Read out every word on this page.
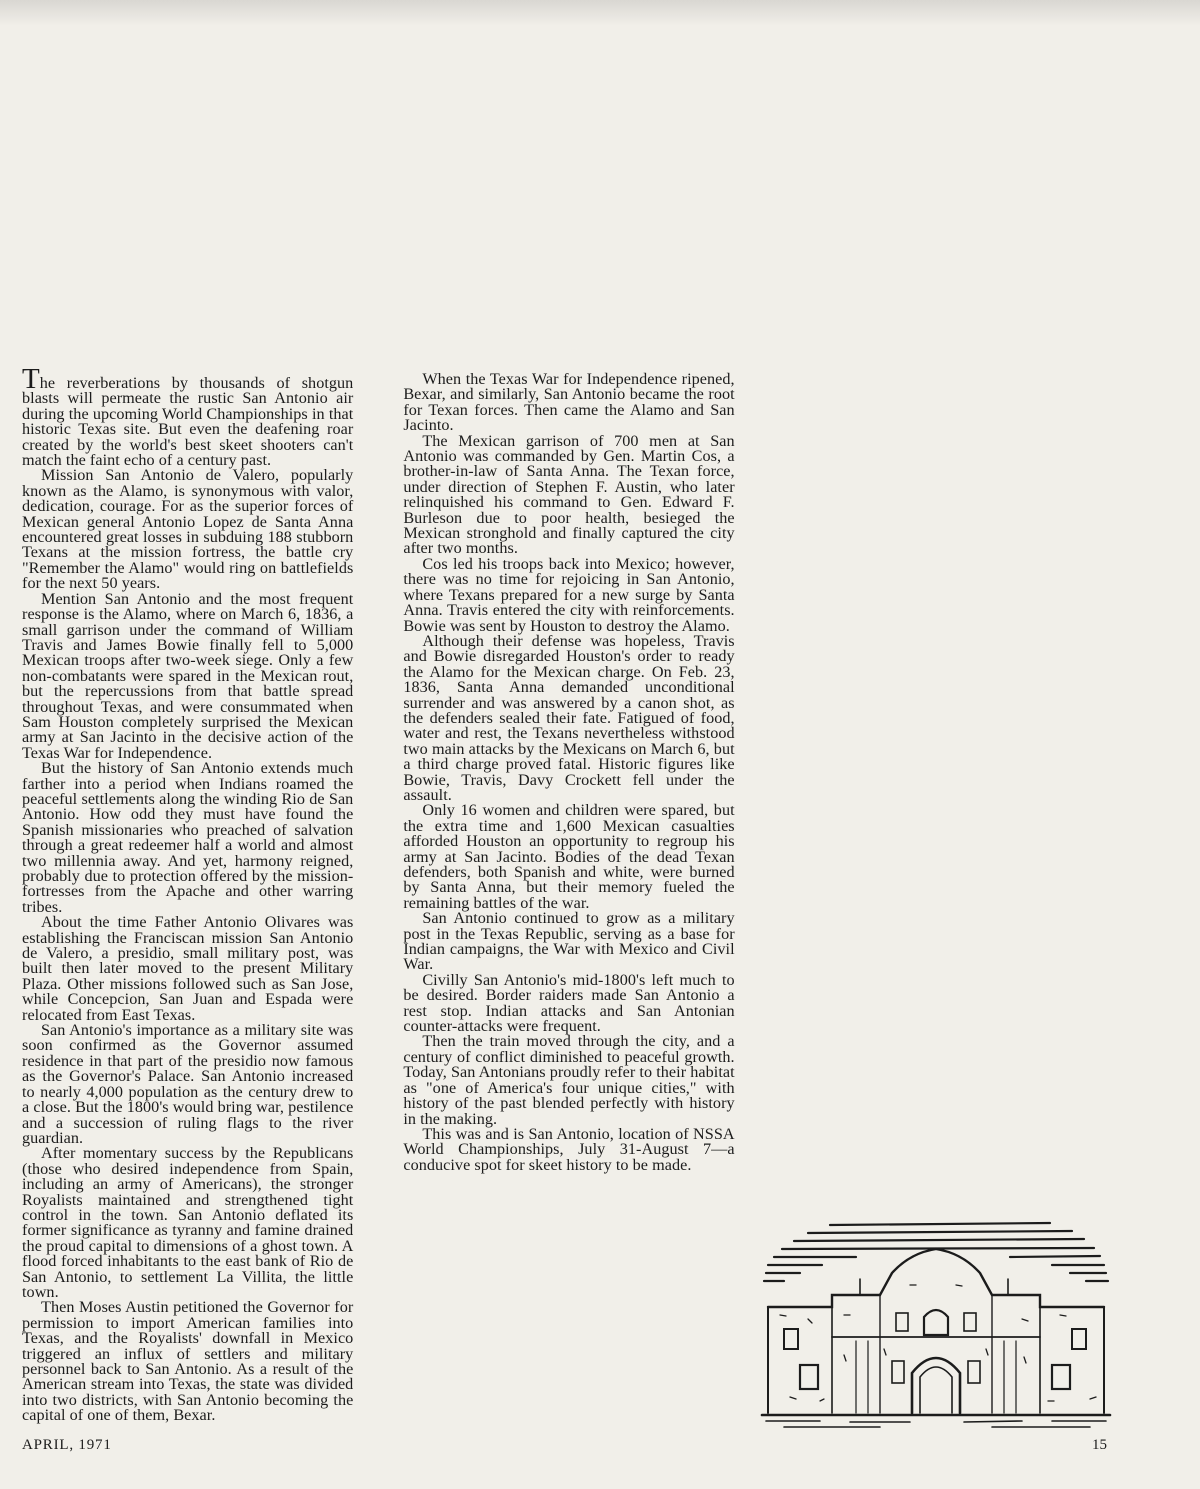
The reverberations by thousands of shotgun blasts will permeate the rustic San Antonio air during the upcoming World Championships in that historic Texas site. But even the deafening roar created by the world's best skeet shooters can't match the faint echo of a century past.

Mission San Antonio de Valero, popularly known as the Alamo, is synonymous with valor, dedication, courage. For as the superior forces of Mexican general Antonio Lopez de Santa Anna encountered great losses in subduing 188 stubborn Texans at the mission fortress, the battle cry "Remember the Alamo" would ring on battlefields for the next 50 years.

Mention San Antonio and the most frequent response is the Alamo, where on March 6, 1836, a small garrison under the command of William Travis and James Bowie finally fell to 5,000 Mexican troops after two-week siege. Only a few non-combatants were spared in the Mexican rout, but the repercussions from that battle spread throughout Texas, and were consummated when Sam Houston completely surprised the Mexican army at San Jacinto in the decisive action of the Texas War for Independence.

But the history of San Antonio extends much farther into a period when Indians roamed the peaceful settlements along the winding Rio de San Antonio. How odd they must have found the Spanish missionaries who preached of salvation through a great redeemer half a world and almost two millennia away. And yet, harmony reigned, probably due to protection offered by the mission-fortresses from the Apache and other warring tribes.

About the time Father Antonio Olivares was establishing the Franciscan mission San Antonio de Valero, a presidio, small military post, was built then later moved to the present Military Plaza. Other missions followed such as San Jose, while Concepcion, San Juan and Espada were relocated from East Texas.

San Antonio's importance as a military site was soon confirmed as the Governor assumed residence in that part of the presidio now famous as the Governor's Palace. San Antonio increased to nearly 4,000 population as the century drew to a close. But the 1800's would bring war, pestilence and a succession of ruling flags to the river guardian.

After momentary success by the Republicans (those who desired independence from Spain, including an army of Americans), the stronger Royalists maintained and strengthened tight control in the town. San Antonio deflated its former significance as tyranny and famine drained the proud capital to dimensions of a ghost town. A flood forced inhabitants to the east bank of Rio de San Antonio, to settlement La Villita, the little town.

Then Moses Austin petitioned the Governor for permission to import American families into Texas, and the Royalists' downfall in Mexico triggered an influx of settlers and military personnel back to San Antonio. As a result of the American stream into Texas, the state was divided into two districts, with San Antonio becoming the capital of one of them, Bexar.

When the Texas War for Independence ripened, Bexar, and similarly, San Antonio became the root for Texan forces. Then came the Alamo and San Jacinto.

The Mexican garrison of 700 men at San Antonio was commanded by Gen. Martin Cos, a brother-in-law of Santa Anna. The Texan force, under direction of Stephen F. Austin, who later relinquished his command to Gen. Edward F. Burleson due to poor health, besieged the Mexican stronghold and finally captured the city after two months.

Cos led his troops back into Mexico; however, there was no time for rejoicing in San Antonio, where Texans prepared for a new surge by Santa Anna. Travis entered the city with reinforcements. Bowie was sent by Houston to destroy the Alamo.

Although their defense was hopeless, Travis and Bowie disregarded Houston's order to ready the Alamo for the Mexican charge. On Feb. 23, 1836, Santa Anna demanded unconditional surrender and was answered by a canon shot, as the defenders sealed their fate. Fatigued of food, water and rest, the Texans nevertheless withstood two main attacks by the Mexicans on March 6, but a third charge proved fatal. Historic figures like Bowie, Travis, Davy Crockett fell under the assault.

Only 16 women and children were spared, but the extra time and 1,600 Mexican casualties afforded Houston an opportunity to regroup his army at San Jacinto. Bodies of the dead Texan defenders, both Spanish and white, were burned by Santa Anna, but their memory fueled the remaining battles of the war.

San Antonio continued to grow as a military post in the Texas Republic, serving as a base for Indian campaigns, the War with Mexico and Civil War.

Civilly San Antonio's mid-1800's left much to be desired. Border raiders made San Antonio a rest stop. Indian attacks and San Antonian counter-attacks were frequent.

Then the train moved through the city, and a century of conflict diminished to peaceful growth. Today, San Antonians proudly refer to their habitat as "one of America's four unique cities," with history of the past blended perfectly with history in the making.

This was and is San Antonio, location of NSSA World Championships, July 31-August 7—a conducive spot for skeet history to be made.

APRIL, 1971	15
